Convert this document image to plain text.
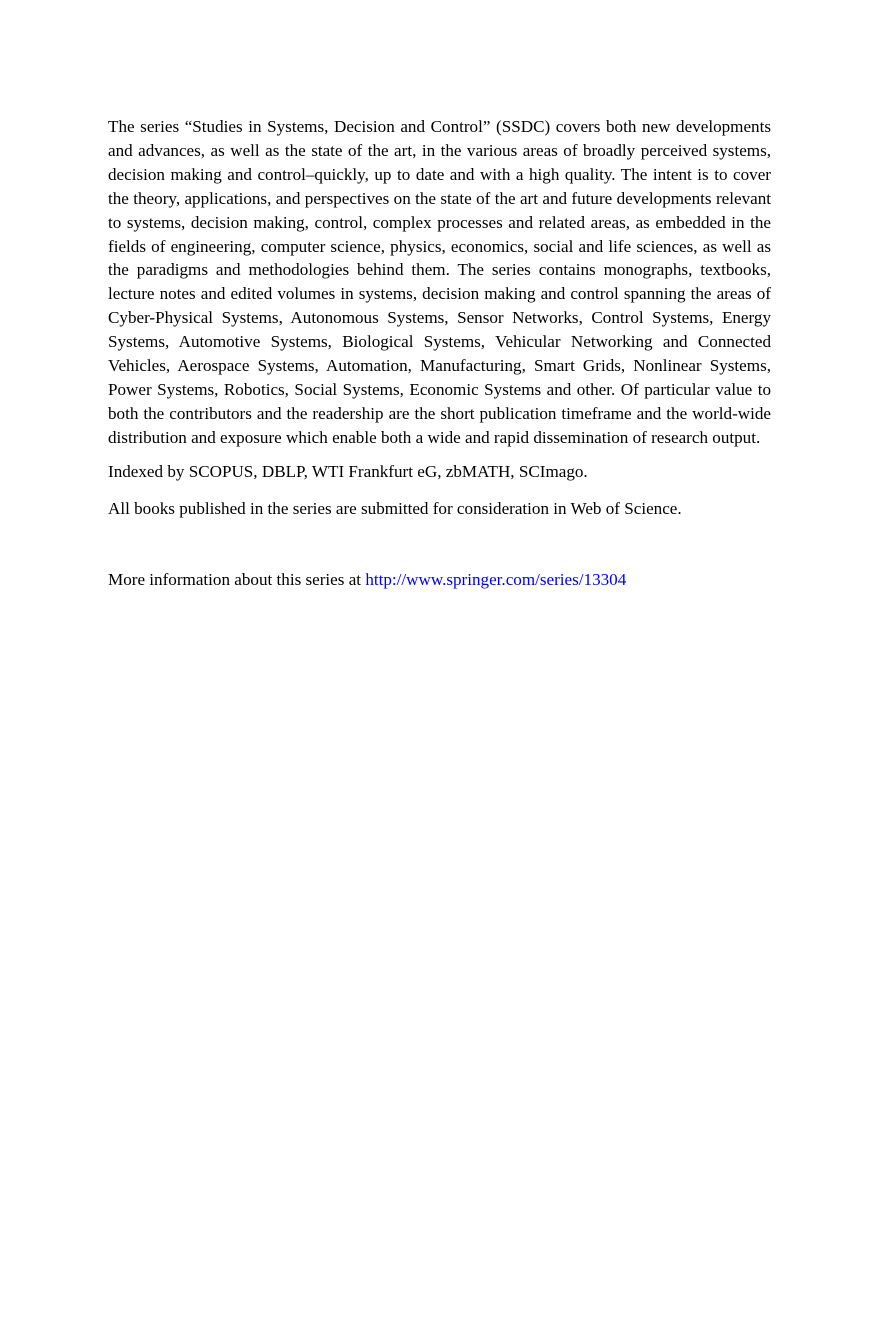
The series “Studies in Systems, Decision and Control” (SSDC) covers both new developments and advances, as well as the state of the art, in the various areas of broadly perceived systems, decision making and control–quickly, up to date and with a high quality. The intent is to cover the theory, applications, and perspectives on the state of the art and future developments relevant to systems, decision making, control, complex processes and related areas, as embedded in the fields of engineering, computer science, physics, economics, social and life sciences, as well as the paradigms and methodologies behind them. The series contains monographs, textbooks, lecture notes and edited volumes in systems, decision making and control spanning the areas of Cyber-Physical Systems, Autonomous Systems, Sensor Networks, Control Systems, Energy Systems, Automotive Systems, Biological Systems, Vehicular Networking and Connected Vehicles, Aerospace Systems, Automation, Manufacturing, Smart Grids, Nonlinear Systems, Power Systems, Robotics, Social Systems, Economic Systems and other. Of particular value to both the contributors and the readership are the short publication timeframe and the world-wide distribution and exposure which enable both a wide and rapid dissemination of research output.

Indexed by SCOPUS, DBLP, WTI Frankfurt eG, zbMATH, SCImago.

All books published in the series are submitted for consideration in Web of Science.

More information about this series at http://www.springer.com/series/13304
